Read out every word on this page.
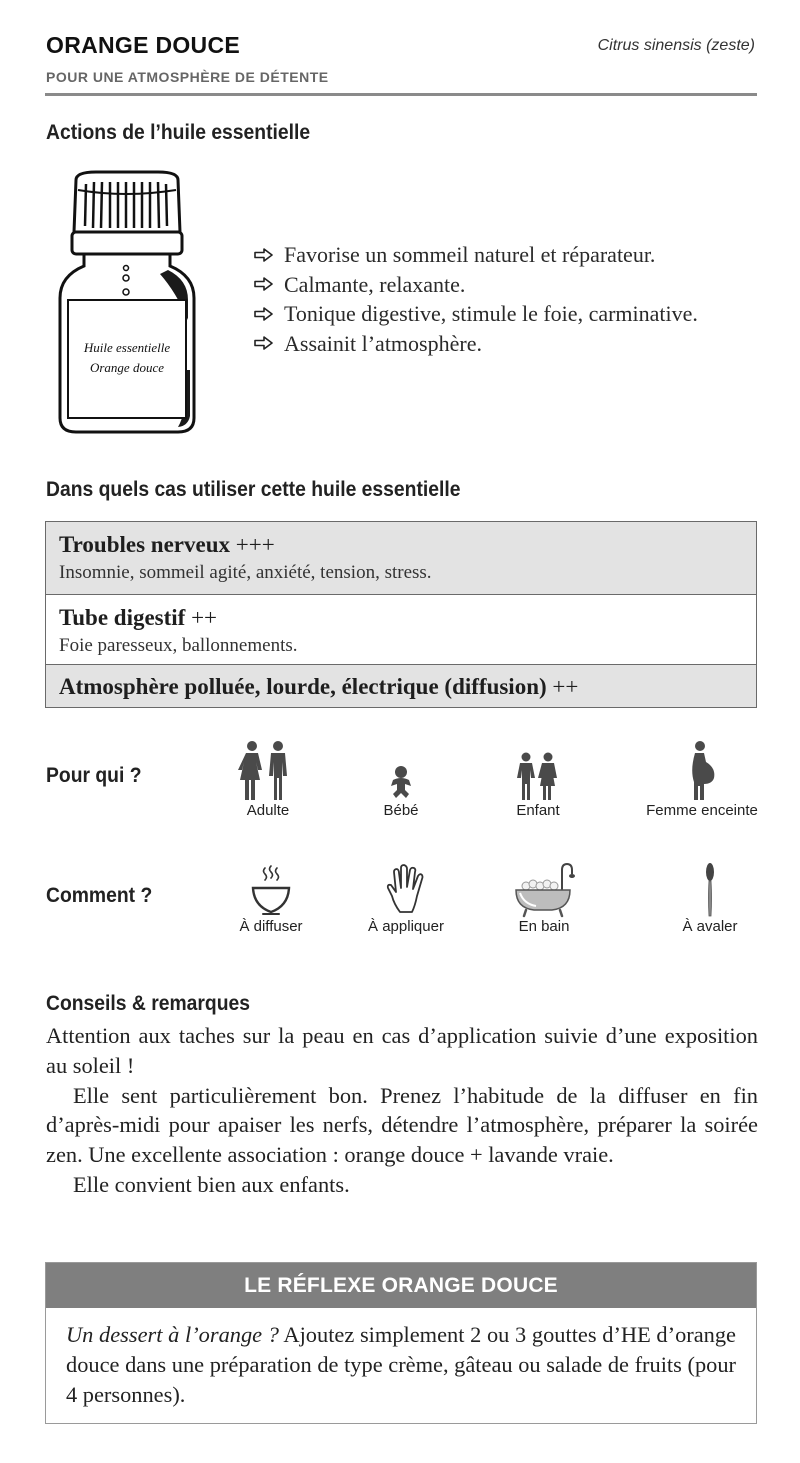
ORANGE DOUCE	Citrus sinensis (zeste)
POUR UNE ATMOSPHÈRE DE DÉTENTE
Actions de l’huile essentielle
Huile essentielle
Orange douce
Favorise un sommeil naturel et réparateur.
Calmante, relaxante.
Tonique digestive, stimule le foie, carminative.
Assainit l’atmosphère.
Dans quels cas utiliser cette huile essentielle
Troubles nerveux +++
Insomnie, sommeil agité, anxiété, tension, stress.
Tube digestif ++
Foie paresseux, ballonnements.
Atmosphère polluée, lourde, électrique (diffusion) ++
Pour qui ?
Adulte	Bébé	Enfant	Femme enceinte
Comment ?
À diffuser	À appliquer	En bain	À avaler
Conseils & remarques

Attention aux taches sur la peau en cas d’application suivie d’une exposition au soleil !

Elle sent particulièrement bon. Prenez l’habitude de la diffuser en fin d’après-midi pour apaiser les nerfs, détendre l’atmosphère, préparer la soirée zen. Une excellente association : orange douce + lavande vraie.

Elle convient bien aux enfants.

LE RÉFLEXE ORANGE DOUCE
Un dessert à l’orange ? Ajoutez simplement 2 ou 3 gouttes d’HE d’orange douce dans une préparation de type crème, gâteau ou salade de fruits (pour 4 personnes).
